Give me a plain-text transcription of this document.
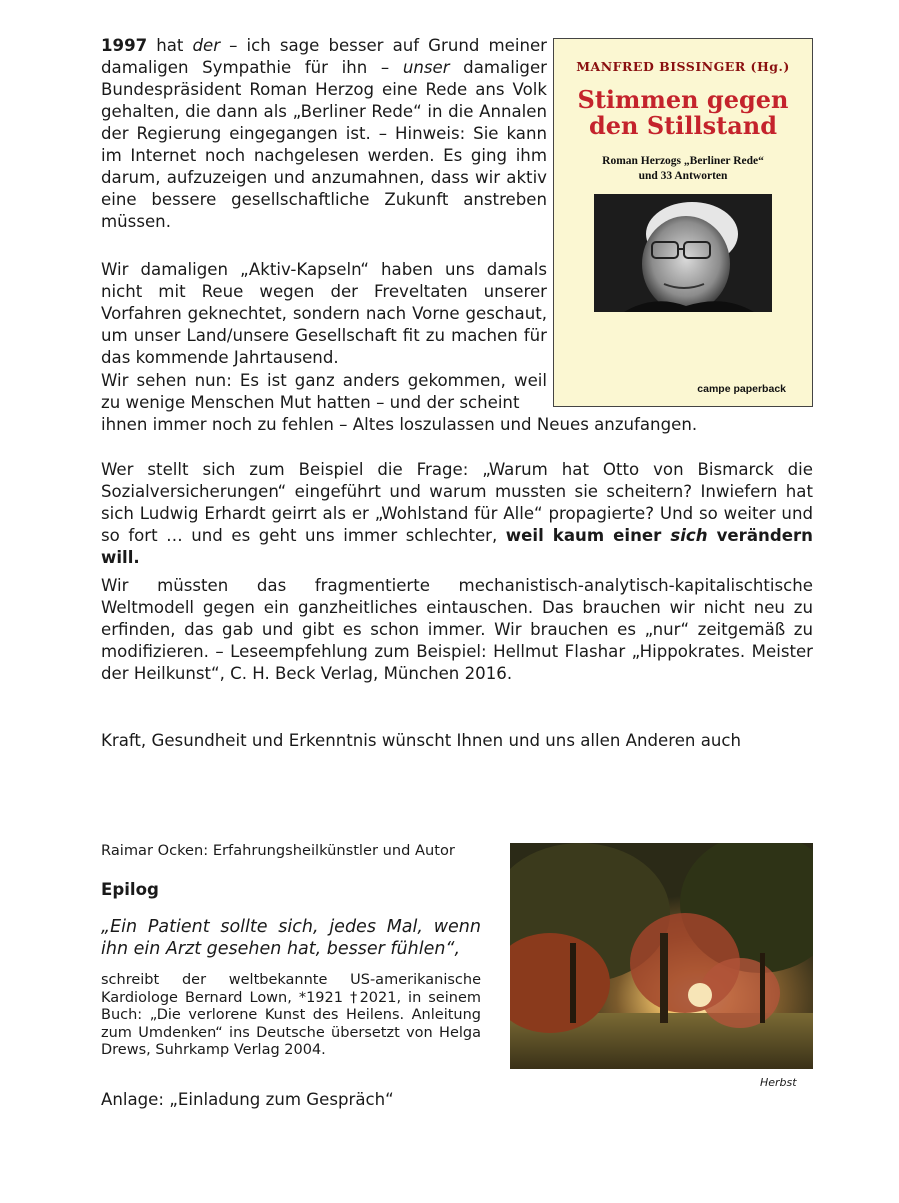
1997 hat der – ich sage besser auf Grund meiner damaligen Sympathie für ihn – unser damaliger Bundespräsident Roman Herzog eine Rede ans Volk gehalten, die dann als „Berliner Rede“ in die Annalen der Regierung eingegangen ist. – Hinweis: Sie kann im Internet noch nachgelesen werden. Es ging ihm darum, aufzuzeigen und anzumahnen, dass wir aktiv eine bessere gesellschaftliche Zukunft anstreben müssen.
Wir damaligen „Aktiv-Kapseln“ haben uns damals nicht mit Reue wegen der Freveltaten unserer Vorfahren geknechtet, sondern nach Vorne geschaut, um unser Land/unsere Gesellschaft fit zu machen für das kommende Jahrtausend.
Wir sehen nun: Es ist ganz anders gekommen, weil zu wenige Menschen Mut hatten – und der scheint
ihnen immer noch zu fehlen – Altes loszulassen und Neues anzufangen.
Wer stellt sich zum Beispiel die Frage: „Warum hat Otto von Bismarck die Sozialversicherungen“ eingeführt und warum mussten sie scheitern? Inwiefern hat sich Ludwig Erhardt geirrt als er „Wohlstand für Alle“ propagierte? Und so weiter und so fort … und es geht uns immer schlechter, weil kaum einer sich verändern will.
Wir müssten das fragmentierte mechanistisch-analytisch-kapitalischtische Weltmodell gegen ein ganzheitliches eintauschen. Das brauchen wir nicht neu zu erfinden, das gab und gibt es schon immer. Wir brauchen es „nur“ zeitgemäß zu modifizieren. – Leseempfehlung zum Beispiel: Hellmut Flashar „Hippokrates. Meister der Heilkunst“, C. H. Beck Verlag, München 2016.
Kraft, Gesundheit und Erkenntnis wünscht Ihnen und uns allen Anderen auch
Raimar Ocken: Erfahrungsheilkünstler und Autor
Epilog
„Ein Patient sollte sich, jedes Mal, wenn ihn ein Arzt gesehen hat, besser fühlen“,
schreibt der weltbekannte US-amerikanische Kardiologe Bernard Lown, *1921 †2021, in seinem Buch: „Die verlorene Kunst des Heilens. Anleitung zum Umdenken“ ins Deutsche übersetzt von Helga Drews, Suhrkamp Verlag 2004.
Anlage: „Einladung zum Gespräch“
MANFRED BISSINGER (Hg.)
Stimmen gegen
den Stillstand
Roman Herzogs „Berliner Rede“
und 33 Antworten
campe paperback
Herbst
